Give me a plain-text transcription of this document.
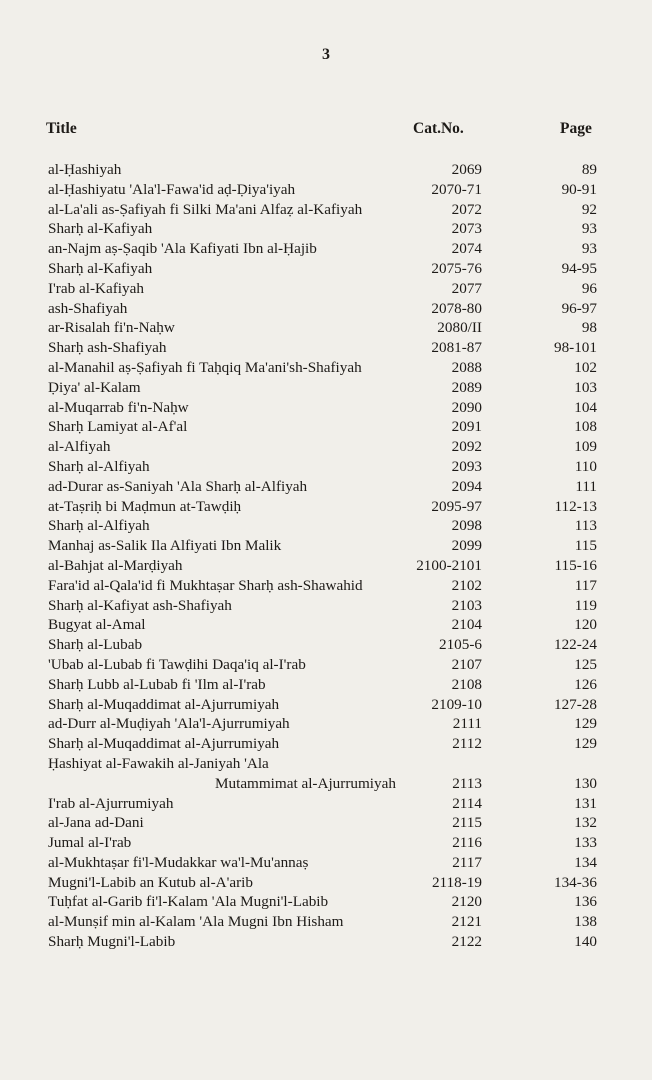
3
Title	Cat.No.	Page
al-Ḥashiyah	2069	89
al-Ḥashiyatu 'Ala'l-Fawa'id aḍ-Ḍiya'iyah	2070-71	90-91
al-La'ali as-Ṣafiyah fi Silki Ma'ani Alfaẓ al-Kafiyah	2072	92
Sharḥ al-Kafiyah	2073	93
an-Najm aṣ-Ṣaqib 'Ala Kafiyati Ibn al-Ḥajib	2074	93
Sharḥ al-Kafiyah	2075-76	94-95
I'rab al-Kafiyah	2077	96
ash-Shafiyah	2078-80	96-97
ar-Risalah fi'n-Naḥw	2080/II	98
Sharḥ ash-Shafiyah	2081-87	98-101
al-Manahil aṣ-Ṣafiyah fi Taḥqiq Ma'ani'sh-Shafiyah	2088	102
Ḍiya' al-Kalam	2089	103
al-Muqarrab fi'n-Naḥw	2090	104
Sharḥ Lamiyat al-Af'al	2091	108
al-Alfiyah	2092	109
Sharḥ al-Alfiyah	2093	110
ad-Durar as-Saniyah 'Ala Sharḥ al-Alfiyah	2094	111
at-Taṣriḥ bi Maḍmun at-Tawḍiḥ	2095-97	112-13
Sharḥ al-Alfiyah	2098	113
Manhaj as-Salik Ila Alfiyati Ibn Malik	2099	115
al-Bahjat al-Marḍiyah	2100-2101	115-16
Fara'id al-Qala'id fi Mukhtaṣar Sharḥ ash-Shawahid	2102	117
Sharḥ al-Kafiyat ash-Shafiyah	2103	119
Bugyat al-Amal	2104	120
Sharḥ al-Lubab	2105-6	122-24
'Ubab al-Lubab fi Tawḍihi Daqa'iq al-I'rab	2107	125
Sharḥ Lubb al-Lubab fi 'Ilm al-I'rab	2108	126
Sharḥ al-Muqaddimat al-Ajurrumiyah	2109-10	127-28
ad-Durr al-Muḍiyah 'Ala'l-Ajurrumiyah	2111	129
Sharḥ al-Muqaddimat al-Ajurrumiyah	2112	129
Ḥashiyat al-Fawakih al-Janiyah 'Ala
Mutammimat al-Ajurrumiyah	2113	130
I'rab al-Ajurrumiyah	2114	131
al-Jana ad-Dani	2115	132
Jumal al-I'rab	2116	133
al-Mukhtaṣar fi'l-Mudakkar wa'l-Mu'annaṣ	2117	134
Mugni'l-Labib an Kutub al-A'arib	2118-19	134-36
Tuḥfat al-Garib fi'l-Kalam 'Ala Mugni'l-Labib	2120	136
al-Munṣif min al-Kalam 'Ala Mugni Ibn Hisham	2121	138
Sharḥ Mugni'l-Labib	2122	140
